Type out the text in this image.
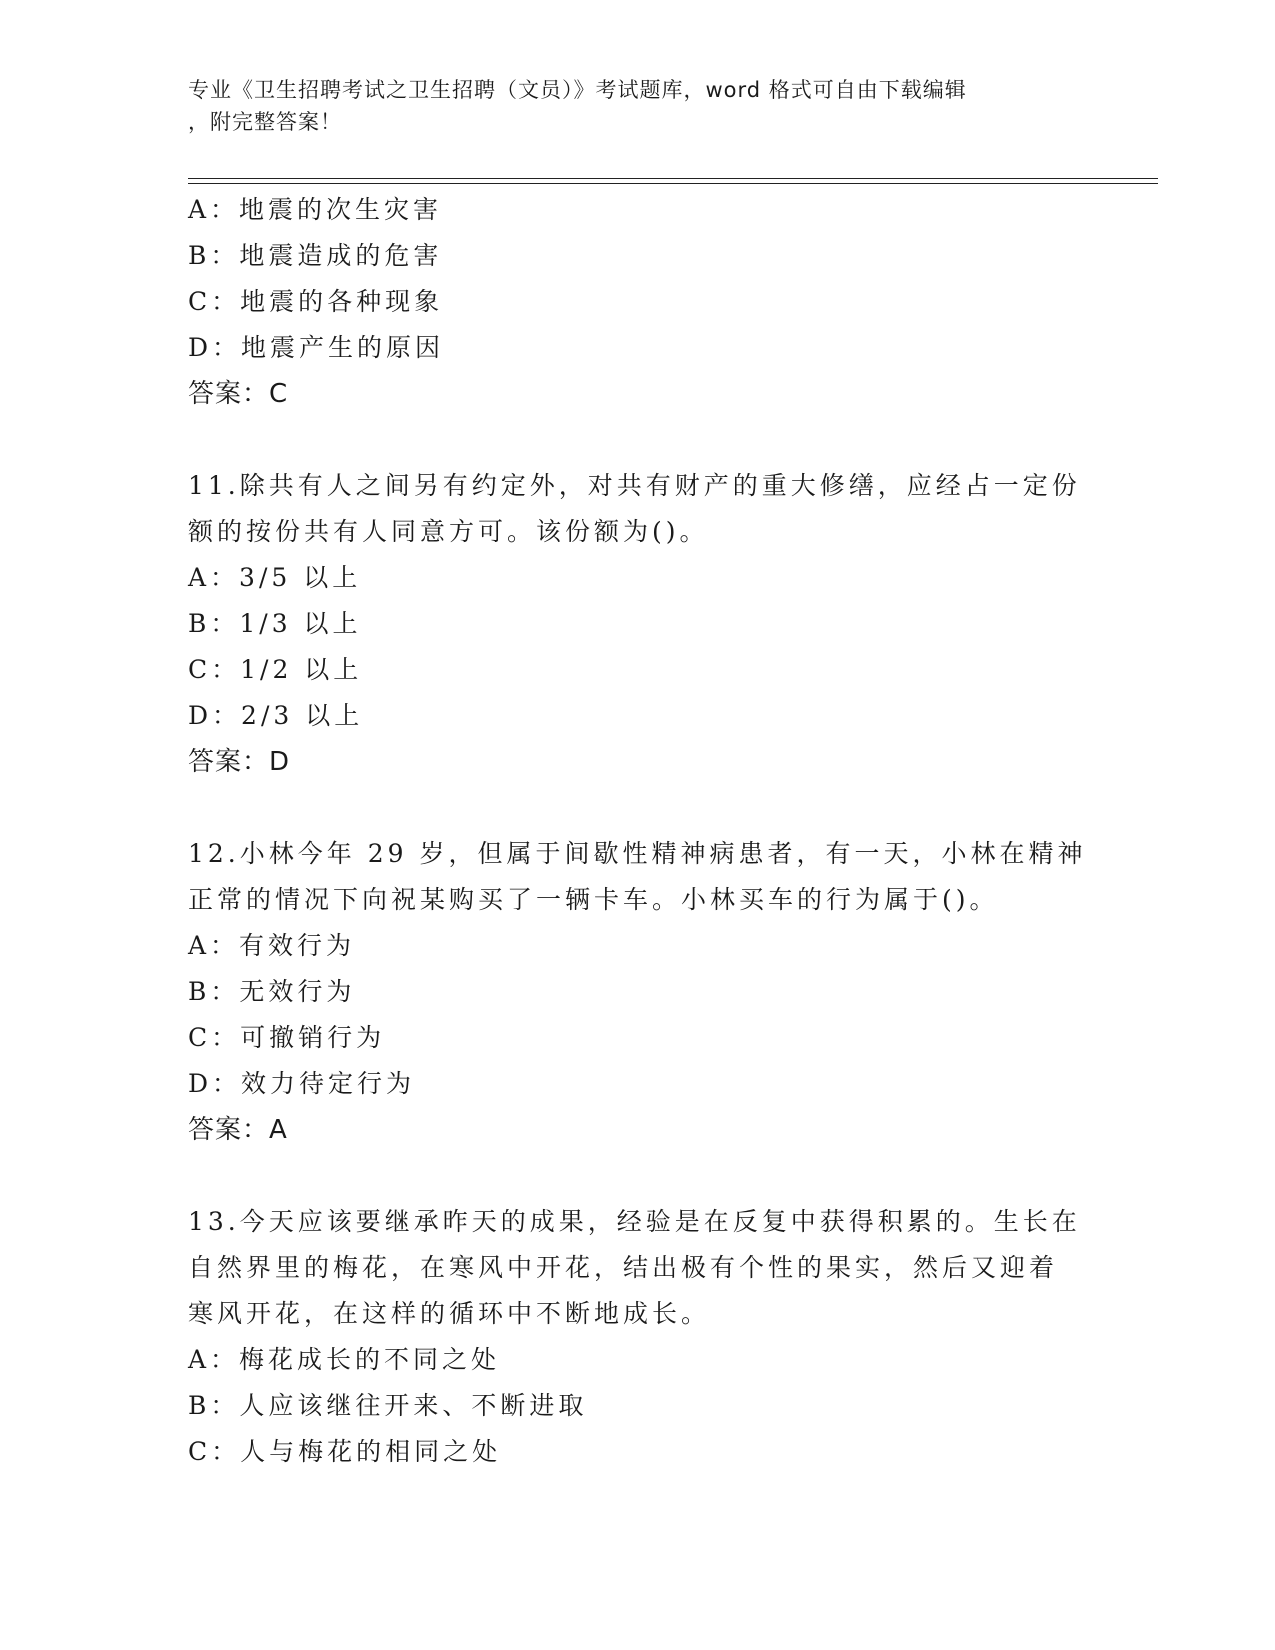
专业《卫生招聘考试之卫生招聘（文员）》考试题库，word 格式可自由下载编辑
，附完整答案！
A：地震的次生灾害
B：地震造成的危害
C：地震的各种现象
D：地震产生的原因
答案：C
11.除共有人之间另有约定外，对共有财产的重大修缮，应经占一定份
额的按份共有人同意方可。该份额为()。
A：3/5 以上
B：1/3 以上
C：1/2 以上
D：2/3 以上
答案：D
12.小林今年 29 岁，但属于间歇性精神病患者，有一天，小林在精神
正常的情况下向祝某购买了一辆卡车。小林买车的行为属于()。
A：有效行为
B：无效行为
C：可撤销行为
D：效力待定行为
答案：A
13.今天应该要继承昨天的成果，经验是在反复中获得积累的。生长在
自然界里的梅花，在寒风中开花，结出极有个性的果实，然后又迎着
寒风开花，在这样的循环中不断地成长。
A：梅花成长的不同之处
B：人应该继往开来、不断进取
C：人与梅花的相同之处
